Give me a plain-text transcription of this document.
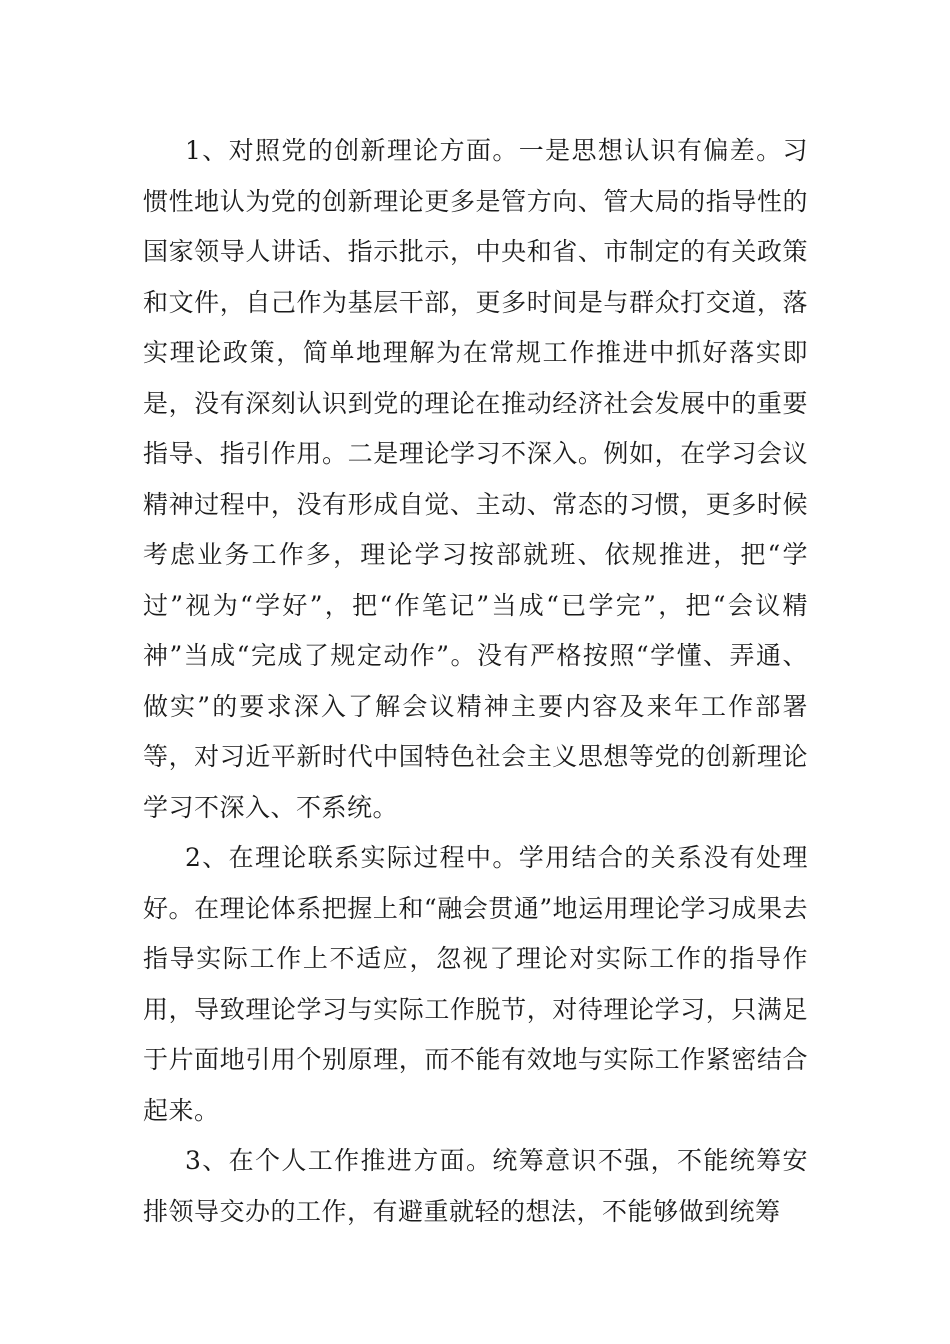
1、对照党的创新理论方面。一是思想认识有偏差。习惯性地认为党的创新理论更多是管方向、管大局的指导性的国家领导人讲话、指示批示，中央和省、市制定的有关政策和文件，自己作为基层干部，更多时间是与群众打交道，落实理论政策，简单地理解为在常规工作推进中抓好落实即是，没有深刻认识到党的理论在推动经济社会发展中的重要指导、指引作用。二是理论学习不深入。例如，在学习会议精神过程中，没有形成自觉、主动、常态的习惯，更多时候考虑业务工作多，理论学习按部就班、依规推进，把“学过”视为“学好”，把“作笔记”当成“已学完”，把“会议精神”当成“完成了规定动作”。没有严格按照“学懂、弄通、做实”的要求深入了解会议精神主要内容及来年工作部署等，对习近平新时代中国特色社会主义思想等党的创新理论学习不深入、不系统。

2、在理论联系实际过程中。学用结合的关系没有处理好。在理论体系把握上和“融会贯通”地运用理论学习成果去指导实际工作上不适应，忽视了理论对实际工作的指导作用，导致理论学习与实际工作脱节，对待理论学习，只满足于片面地引用个别原理，而不能有效地与实际工作紧密结合起来。

3、在个人工作推进方面。统筹意识不强，不能统筹安排领导交办的工作，有避重就轻的想法，不能够做到统筹
